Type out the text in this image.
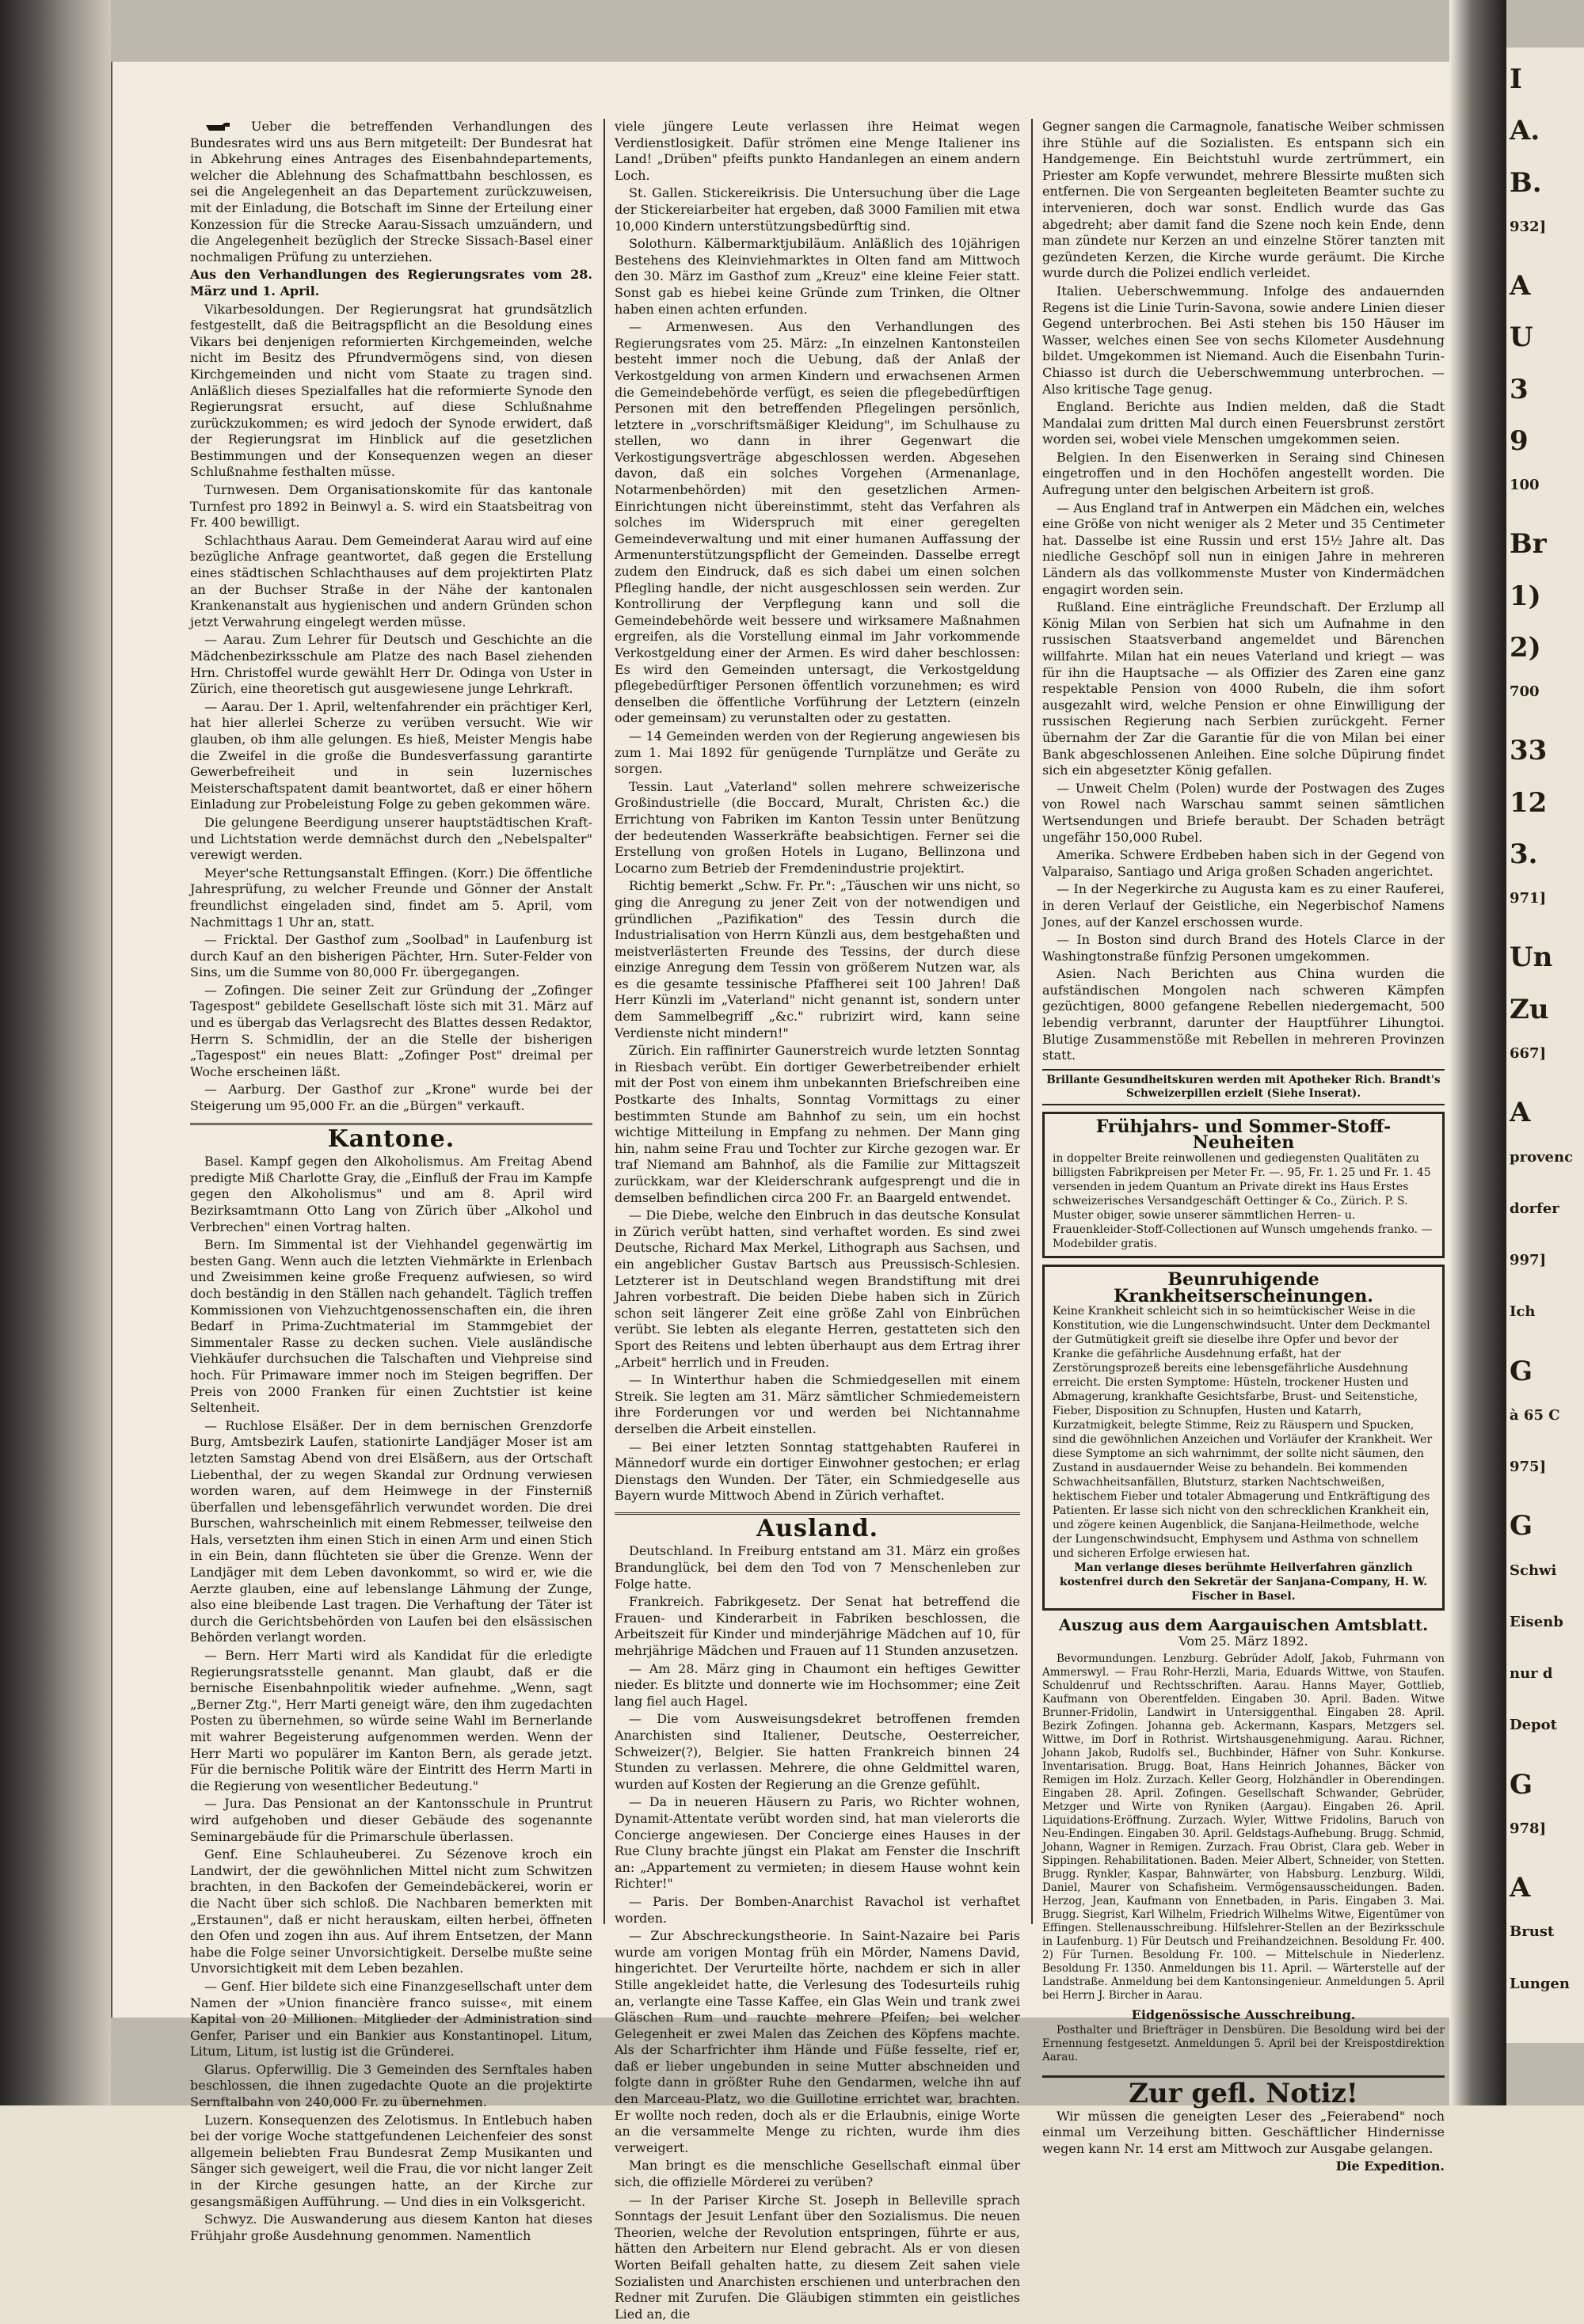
Ueber die betreffenden Verhandlungen des Bundesrates wird uns aus Bern mitgeteilt: Der Bundesrat hat in Abkehrung eines Antrages des Eisenbahndepartements, welcher die Ablehnung des Schafmattbahn beschlossen, es sei die Angelegenheit an das Departement zurückzuweisen, mit der Einladung, die Botschaft im Sinne der Erteilung einer Konzession für die Strecke Aarau-Sissach umzuändern, und die Angelegenheit bezüglich der Strecke Sissach-Basel einer nochmaligen Prüfung zu unterziehen.

Aus den Verhandlungen des Regierungsrates vom 28. März und 1. April.

Vikarbesoldungen. Der Regierungsrat hat grundsätzlich festgestellt, daß die Beitragspflicht an die Besoldung eines Vikars bei denjenigen reformierten Kirchgemeinden, welche nicht im Besitz des Pfrundvermögens sind, von diesen Kirchgemeinden und nicht vom Staate zu tragen sind. Anläßlich dieses Spezialfalles hat die reformierte Synode den Regierungsrat ersucht, auf diese Schlußnahme zurückzukommen; es wird jedoch der Synode erwidert, daß der Regierungsrat im Hinblick auf die gesetzlichen Bestimmungen und der Konsequenzen wegen an dieser Schlußnahme festhalten müsse.

Turnwesen. Dem Organisationskomite für das kantonale Turnfest pro 1892 in Beinwyl a. S. wird ein Staatsbeitrag von Fr. 400 bewilligt.

Schlachthaus Aarau. Dem Gemeinderat Aarau wird auf eine bezügliche Anfrage geantwortet, daß gegen die Erstellung eines städtischen Schlachthauses auf dem projektirten Platz an der Buchser Straße in der Nähe der kantonalen Krankenanstalt aus hygienischen und andern Gründen schon jetzt Verwahrung eingelegt werden müsse.

— Aarau. Zum Lehrer für Deutsch und Geschichte an die Mädchenbezirksschule am Platze des nach Basel ziehenden Hrn. Christoffel wurde gewählt Herr Dr. Odinga von Uster in Zürich, eine theoretisch gut ausgewiesene junge Lehrkraft.

— Aarau. Der 1. April, weltenfahrender ein prächtiger Kerl, hat hier allerlei Scherze zu verüben versucht. Wie wir glauben, ob ihm alle gelungen. Es hieß, Meister Mengis habe die Zweifel in die große die Bundesverfassung garantirte Gewerbefreiheit und in sein luzernisches Meisterschaftspatent damit beantwortet, daß er einer höhern Einladung zur Probeleistung Folge zu geben gekommen wäre.

Die gelungene Beerdigung unserer hauptstädtischen Kraft- und Lichtstation werde demnächst durch den „Nebelspalter" verewigt werden.

Meyer'sche Rettungsanstalt Effingen. (Korr.) Die öffentliche Jahresprüfung, zu welcher Freunde und Gönner der Anstalt freundlichst eingeladen sind, findet am 5. April, vom Nachmittags 1 Uhr an, statt.

— Fricktal. Der Gasthof zum „Soolbad" in Laufenburg ist durch Kauf an den bisherigen Pächter, Hrn. Suter-Felder von Sins, um die Summe von 80,000 Fr. übergegangen.

— Zofingen. Die seiner Zeit zur Gründung der „Zofinger Tagespost" gebildete Gesellschaft löste sich mit 31. März auf und es übergab das Verlagsrecht des Blattes dessen Redaktor, Herrn S. Schmidlin, der an die Stelle der bisherigen „Tagespost" ein neues Blatt: „Zofinger Post" dreimal per Woche erscheinen läßt.

— Aarburg. Der Gasthof zur „Krone" wurde bei der Steigerung um 95,000 Fr. an die „Bürgen" verkauft.

Kantone.

Basel. Kampf gegen den Alkoholismus. Am Freitag Abend predigte Miß Charlotte Gray, die „Einfluß der Frau im Kampfe gegen den Alkoholismus" und am 8. April wird Bezirksamtmann Otto Lang von Zürich über „Alkohol und Verbrechen" einen Vortrag halten.

Bern. Im Simmental ist der Viehhandel gegenwärtig im besten Gang. Wenn auch die letzten Viehmärkte in Erlenbach und Zweisimmen keine große Frequenz aufwiesen, so wird doch beständig in den Ställen nach gehandelt. Täglich treffen Kommissionen von Viehzuchtgenossenschaften ein, die ihren Bedarf in Prima-Zuchtmaterial im Stammgebiet der Simmentaler Rasse zu decken suchen. Viele ausländische Viehkäufer durchsuchen die Talschaften und Viehpreise sind hoch. Für Primaware immer noch im Steigen begriffen. Der Preis von 2000 Franken für einen Zuchtstier ist keine Seltenheit.

— Ruchlose Elsäßer. Der in dem bernischen Grenzdorfe Burg, Amtsbezirk Laufen, stationirte Landjäger Moser ist am letzten Samstag Abend von drei Elsäßern, aus der Ortschaft Liebenthal, der zu wegen Skandal zur Ordnung verwiesen worden waren, auf dem Heimwege in der Finsterniß überfallen und lebensgefährlich verwundet worden. Die drei Burschen, wahrscheinlich mit einem Rebmesser, teilweise den Hals, versetzten ihm einen Stich in einen Arm und einen Stich in ein Bein, dann flüchteten sie über die Grenze. Wenn der Landjäger mit dem Leben davonkommt, so wird er, wie die Aerzte glauben, eine auf lebenslange Lähmung der Zunge, also eine bleibende Last tragen. Die Verhaftung der Täter ist durch die Gerichtsbehörden von Laufen bei den elsässischen Behörden verlangt worden.

— Bern. Herr Marti wird als Kandidat für die erledigte Regierungsratsstelle genannt. Man glaubt, daß er die bernische Eisenbahnpolitik wieder aufnehme. „Wenn, sagt „Berner Ztg.", Herr Marti geneigt wäre, den ihm zugedachten Posten zu übernehmen, so würde seine Wahl im Bernerlande mit wahrer Begeisterung aufgenommen werden. Wenn der Herr Marti wo populärer im Kanton Bern, als gerade jetzt. Für die bernische Politik wäre der Eintritt des Herrn Marti in die Regierung von wesentlicher Bedeutung."

— Jura. Das Pensionat an der Kantonsschule in Pruntrut wird aufgehoben und dieser Gebäude des sogenannte Seminargebäude für die Primarschule überlassen.

Genf. Eine Schlauheuberei. Zu Sézenove kroch ein Landwirt, der die gewöhnlichen Mittel nicht zum Schwitzen brachten, in den Backofen der Gemeindebäckerei, worin er die Nacht über sich schloß. Die Nachbaren bemerkten mit „Erstaunen", daß er nicht herauskam, eilten herbei, öffneten den Ofen und zogen ihn aus. Auf ihrem Entsetzen, der Mann habe die Folge seiner Unvorsichtigkeit. Derselbe mußte seine Unvorsichtigkeit mit dem Leben bezahlen.

— Genf. Hier bildete sich eine Finanzgesellschaft unter dem Namen der »Union financière franco suisse«, mit einem Kapital von 20 Millionen. Mitglieder der Administration sind Genfer, Pariser und ein Bankier aus Konstantinopel. Litum, Litum, Litum, ist lustig ist die Gründerei.

Glarus. Opferwillig. Die 3 Gemeinden des Sernftales haben beschlossen, die ihnen zugedachte Quote an die projektirte Sernftalbahn von 240,000 Fr. zu übernehmen.

Luzern. Konsequenzen des Zelotismus. In Entlebuch haben bei der vorige Woche stattgefundenen Leichenfeier des sonst allgemein beliebten Frau Bundesrat Zemp Musikanten und Sänger sich geweigert, weil die Frau, die vor nicht langer Zeit in der Kirche gesungen hatte, an der Kirche zur gesangsmäßigen Aufführung. — Und dies in ein Volksgericht.

Schwyz. Die Auswanderung aus diesem Kanton hat dieses Frühjahr große Ausdehnung genommen. Namentlich

viele jüngere Leute verlassen ihre Heimat wegen Verdienstlosigkeit. Dafür strömen eine Menge Italiener ins Land! „Drüben" pfeifts punkto Handanlegen an einem andern Loch.

St. Gallen. Stickereikrisis. Die Untersuchung über die Lage der Stickereiarbeiter hat ergeben, daß 3000 Familien mit etwa 10,000 Kindern unterstützungsbedürftig sind.

Solothurn. Kälbermarktjubiläum. Anläßlich des 10jährigen Bestehens des Kleinviehmarktes in Olten fand am Mittwoch den 30. März im Gasthof zum „Kreuz" eine kleine Feier statt. Sonst gab es hiebei keine Gründe zum Trinken, die Oltner haben einen achten erfunden.

— Armenwesen. Aus den Verhandlungen des Regierungsrates vom 25. März: „In einzelnen Kantonsteilen besteht immer noch die Uebung, daß der Anlaß der Verkostgeldung von armen Kindern und erwachsenen Armen die Gemeindebehörde verfügt, es seien die pflegebedürftigen Personen mit den betreffenden Pflegelingen persönlich, letztere in „vorschriftsmäßiger Kleidung", im Schulhause zu stellen, wo dann in ihrer Gegenwart die Verkostigungsverträge abgeschlossen werden. Abgesehen davon, daß ein solches Vorgehen (Armenanlage, Notarmenbehörden) mit den gesetzlichen Armen-Einrichtungen nicht übereinstimmt, steht das Verfahren als solches im Widerspruch mit einer geregelten Gemeindeverwaltung und mit einer humanen Auffassung der Armenunterstützungspflicht der Gemeinden. Dasselbe erregt zudem den Eindruck, daß es sich dabei um einen solchen Pflegling handle, der nicht ausgeschlossen sein werden. Zur Kontrollirung der Verpflegung kann und soll die Gemeindebehörde weit bessere und wirksamere Maßnahmen ergreifen, als die Vorstellung einmal im Jahr vorkommende Verkostgeldung einer der Armen. Es wird daher beschlossen: Es wird den Gemeinden untersagt, die Verkostgeldung pflegebedürftiger Personen öffentlich vorzunehmen; es wird denselben die öffentliche Vorführung der Letztern (einzeln oder gemeinsam) zu verunstalten oder zu gestatten.

— 14 Gemeinden werden von der Regierung angewiesen bis zum 1. Mai 1892 für genügende Turnplätze und Geräte zu sorgen.

Tessin. Laut „Vaterland" sollen mehrere schweizerische Großindustrielle (die Boccard, Muralt, Christen &c.) die Errichtung von Fabriken im Kanton Tessin unter Benützung der bedeutenden Wasserkräfte beabsichtigen. Ferner sei die Erstellung von großen Hotels in Lugano, Bellinzona und Locarno zum Betrieb der Fremdenindustrie projektirt.

Richtig bemerkt „Schw. Fr. Pr.": „Täuschen wir uns nicht, so ging die Anregung zu jener Zeit von der notwendigen und gründlichen „Pazifikation" des Tessin durch die Industrialisation von Herrn Künzli aus, dem bestgehaßten und meistverlästerten Freunde des Tessins, der durch diese einzige Anregung dem Tessin von größerem Nutzen war, als es die gesamte tessinische Pfaffherei seit 100 Jahren! Daß Herr Künzli im „Vaterland" nicht genannt ist, sondern unter dem Sammelbegriff „&c." rubrizirt wird, kann seine Verdienste nicht mindern!"

Zürich. Ein raffinirter Gaunerstreich wurde letzten Sonntag in Riesbach verübt. Ein dortiger Gewerbetreibender erhielt mit der Post von einem ihm unbekannten Briefschreiben eine Postkarte des Inhalts, Sonntag Vormittags zu einer bestimmten Stunde am Bahnhof zu sein, um ein hochst wichtige Mitteilung in Empfang zu nehmen. Der Mann ging hin, nahm seine Frau und Tochter zur Kirche gezogen war. Er traf Niemand am Bahnhof, als die Familie zur Mittagszeit zurückkam, war der Kleiderschrank aufgesprengt und die in demselben befindlichen circa 200 Fr. an Baargeld entwendet.

— Die Diebe, welche den Einbruch in das deutsche Konsulat in Zürich verübt hatten, sind verhaftet worden. Es sind zwei Deutsche, Richard Max Merkel, Lithograph aus Sachsen, und ein angeblicher Gustav Bartsch aus Preussisch-Schlesien. Letzterer ist in Deutschland wegen Brandstiftung mit drei Jahren vorbestraft. Die beiden Diebe haben sich in Zürich schon seit längerer Zeit eine größe Zahl von Einbrüchen verübt. Sie lebten als elegante Herren, gestatteten sich den Sport des Reitens und lebten überhaupt aus dem Ertrag ihrer „Arbeit" herrlich und in Freuden.

— In Winterthur haben die Schmiedgesellen mit einem Streik. Sie legten am 31. März sämtlicher Schmiedemeistern ihre Forderungen vor und werden bei Nichtannahme derselben die Arbeit einstellen.

— Bei einer letzten Sonntag stattgehabten Rauferei in Männedorf wurde ein dortiger Einwohner gestochen; er erlag Dienstags den Wunden. Der Täter, ein Schmiedgeselle aus Bayern wurde Mittwoch Abend in Zürich verhaftet.

Ausland.

Deutschland. In Freiburg entstand am 31. März ein großes Brandunglück, bei dem den Tod von 7 Menschenleben zur Folge hatte.

Frankreich. Fabrikgesetz. Der Senat hat betreffend die Frauen- und Kinderarbeit in Fabriken beschlossen, die Arbeitszeit für Kinder und minderjährige Mädchen auf 10, für mehrjährige Mädchen und Frauen auf 11 Stunden anzusetzen.

— Am 28. März ging in Chaumont ein heftiges Gewitter nieder. Es blitzte und donnerte wie im Hochsommer; eine Zeit lang fiel auch Hagel.

— Die vom Ausweisungsdekret betroffenen fremden Anarchisten sind Italiener, Deutsche, Oesterreicher, Schweizer(?), Belgier. Sie hatten Frankreich binnen 24 Stunden zu verlassen. Mehrere, die ohne Geldmittel waren, wurden auf Kosten der Regierung an die Grenze gefühlt.

— Da in neueren Häusern zu Paris, wo Richter wohnen, Dynamit-Attentate verübt worden sind, hat man vielerorts die Concierge angewiesen. Der Concierge eines Hauses in der Rue Cluny brachte jüngst ein Plakat am Fenster die Inschrift an: „Appartement zu vermieten; in diesem Hause wohnt kein Richter!"

— Paris. Der Bomben-Anarchist Ravachol ist verhaftet worden.

— Zur Abschreckungstheorie. In Saint-Nazaire bei Paris wurde am vorigen Montag früh ein Mörder, Namens David, hingerichtet. Der Verurteilte hörte, nachdem er sich in aller Stille angekleidet hatte, die Verlesung des Todesurteils ruhig an, verlangte eine Tasse Kaffee, ein Glas Wein und trank zwei Gläschen Rum und rauchte mehrere Pfeifen; bei welcher Gelegenheit er zwei Malen das Zeichen des Köpfens machte. Als der Scharfrichter ihm Hände und Füße fesselte, rief er, daß er lieber ungebunden in seine Mutter abschneiden und folgte dann in größter Ruhe den Gendarmen, welche ihn auf den Marceau-Platz, wo die Guillotine errichtet war, brachten. Er wollte noch reden, doch als er die Erlaubnis, einige Worte an die versammelte Menge zu richten, wurde ihm dies verweigert.

Man bringt es die menschliche Gesellschaft einmal über sich, die offizielle Mörderei zu verüben?

— In der Pariser Kirche St. Joseph in Belleville sprach Sonntags der Jesuit Lenfant über den Sozialismus. Die neuen Theorien, welche der Revolution entspringen, führte er aus, hätten den Arbeitern nur Elend gebracht. Als er von diesen Worten Beifall gehalten hatte, zu diesem Zeit sahen viele Sozialisten und Anarchisten erschienen und unterbrachen den Redner mit Zurufen. Die Gläubigen stimmten ein geistliches Lied an, die

Gegner sangen die Carmagnole, fanatische Weiber schmissen ihre Stühle auf die Sozialisten. Es entspann sich ein Handgemenge. Ein Beichtstuhl wurde zertrümmert, ein Priester am Kopfe verwundet, mehrere Blessirte mußten sich entfernen. Die von Sergeanten begleiteten Beamter suchte zu intervenieren, doch war sonst. Endlich wurde das Gas abgedreht; aber damit fand die Szene noch kein Ende, denn man zündete nur Kerzen an und einzelne Störer tanzten mit gezündeten Kerzen, die Kirche wurde geräumt. Die Kirche wurde durch die Polizei endlich verleidet.

Italien. Ueberschwemmung. Infolge des andauernden Regens ist die Linie Turin-Savona, sowie andere Linien dieser Gegend unterbrochen. Bei Asti stehen bis 150 Häuser im Wasser, welches einen See von sechs Kilometer Ausdehnung bildet. Umgekommen ist Niemand. Auch die Eisenbahn Turin-Chiasso ist durch die Ueberschwemmung unterbrochen. — Also kritische Tage genug.

England. Berichte aus Indien melden, daß die Stadt Mandalai zum dritten Mal durch einen Feuersbrunst zerstört worden sei, wobei viele Menschen umgekommen seien.

Belgien. In den Eisenwerken in Seraing sind Chinesen eingetroffen und in den Hochöfen angestellt worden. Die Aufregung unter den belgischen Arbeitern ist groß.

— Aus England traf in Antwerpen ein Mädchen ein, welches eine Größe von nicht weniger als 2 Meter und 35 Centimeter hat. Dasselbe ist eine Russin und erst 15½ Jahre alt. Das niedliche Geschöpf soll nun in einigen Jahre in mehreren Ländern als das vollkommenste Muster von Kindermädchen engagirt worden sein.

Rußland. Eine einträgliche Freundschaft. Der Erzlump all König Milan von Serbien hat sich um Aufnahme in den russischen Staatsverband angemeldet und Bärenchen willfahrte. Milan hat ein neues Vaterland und kriegt — was für ihn die Hauptsache — als Offizier des Zaren eine ganz respektable Pension von 4000 Rubeln, die ihm sofort ausgezahlt wird, welche Pension er ohne Einwilligung der russischen Regierung nach Serbien zurückgeht. Ferner übernahm der Zar die Garantie für die von Milan bei einer Bank abgeschlossenen Anleihen. Eine solche Düpirung findet sich ein abgesetzter König gefallen.

— Unweit Chelm (Polen) wurde der Postwagen des Zuges von Rowel nach Warschau sammt seinen sämtlichen Wertsendungen und Briefe beraubt. Der Schaden beträgt ungefähr 150,000 Rubel.

Amerika. Schwere Erdbeben haben sich in der Gegend von Valparaiso, Santiago und Ariga großen Schaden angerichtet.

— In der Negerkirche zu Augusta kam es zu einer Rauferei, in deren Verlauf der Geistliche, ein Negerbischof Namens Jones, auf der Kanzel erschossen wurde.

— In Boston sind durch Brand des Hotels Clarce in der Washingtonstraße fünfzig Personen umgekommen.

Asien. Nach Berichten aus China wurden die aufständischen Mongolen nach schweren Kämpfen gezüchtigen, 8000 gefangene Rebellen niedergemacht, 500 lebendig verbrannt, darunter der Hauptführer Lihungtoi. Blutige Zusammenstöße mit Rebellen in mehreren Provinzen statt.

Brillante Gesundheitskuren werden mit Apotheker Rich. Brandt's Schweizerpillen erzielt (Siehe Inserat).
Frühjahrs- und Sommer-Stoff-Neuheiten
in doppelter Breite reinwollenen und gediegensten Qualitäten zu billigsten Fabrikpreisen per Meter Fr. —. 95, Fr. 1. 25 und Fr. 1. 45 versenden in jedem Quantum an Private direkt ins Haus Erstes schweizerisches Versandgeschäft Oettinger & Co., Zürich. P. S. Muster obiger, sowie unserer sämmtlichen Herren- u. Frauenkleider-Stoff-Collectionen auf Wunsch umgehends franko. — Modebilder gratis.
Beunruhigende Krankheitserscheinungen.
Keine Krankheit schleicht sich in so heimtückischer Weise in die Konstitution, wie die Lungenschwindsucht. Unter dem Deckmantel der Gutmütigkeit greift sie dieselbe ihre Opfer und bevor der Kranke die gefährliche Ausdehnung erfaßt, hat der Zerstörungsprozeß bereits eine lebensgefährliche Ausdehnung erreicht. Die ersten Symptome: Hüsteln, trockener Husten und Abmagerung, krankhafte Gesichtsfarbe, Brust- und Seitenstiche, Fieber, Disposition zu Schnupfen, Husten und Katarrh, Kurzatmigkeit, belegte Stimme, Reiz zu Räuspern und Spucken, sind die gewöhnlichen Anzeichen und Vorläufer der Krankheit. Wer diese Symptome an sich wahrnimmt, der sollte nicht säumen, den Zustand in ausdauernder Weise zu behandeln. Bei kommenden Schwachheitsanfällen, Blutsturz, starken Nachtschweißen, hektischem Fieber und totaler Abmagerung und Entkräftigung des Patienten. Er lasse sich nicht von den schrecklichen Krankheit ein, und zögere keinen Augenblick, die Sanjana-Heilmethode, welche der Lungenschwindsucht, Emphysem und Asthma von schnellem und sicheren Erfolge erwiesen hat.
Man verlange dieses berühmte Heilverfahren gänzlich kostenfrei durch den Sekretär der Sanjana-Company, H. W. Fischer in Basel.
Auszug aus dem Aargauischen Amtsblatt.
Vom 25. März 1892.

Bevormundungen. Lenzburg. Gebrüder Adolf, Jakob, Fuhrmann von Ammerswyl. — Frau Rohr-Herzli, Maria, Eduards Wittwe, von Staufen. Schuldenruf und Rechtsschriften. Aarau. Hanns Mayer, Gottlieb, Kaufmann von Oberentfelden. Eingaben 30. April. Baden. Witwe Brunner-Fridolin, Landwirt in Untersiggenthal. Eingaben 28. April. Bezirk Zofingen. Johanna geb. Ackermann, Kaspars, Metzgers sel. Wittwe, im Dorf in Rothrist. Wirtshausgenehmigung. Aarau. Richner, Johann Jakob, Rudolfs sel., Buchbinder, Häfner von Suhr. Konkurse. Inventarisation. Brugg. Boat, Hans Heinrich Johannes, Bäcker von Remigen im Holz. Zurzach. Keller Georg, Holzhändler in Oberendingen. Eingaben 28. April. Zofingen. Gesellschaft Schwander, Gebrüder, Metzger und Wirte von Ryniken (Aargau). Eingaben 26. April. Liquidations-Eröffnung. Zurzach. Wyler, Wittwe Fridolins, Baruch von Neu-Endingen. Eingaben 30. April. Geldstags-Aufhebung. Brugg. Schmid, Johann, Wagner in Remigen. Zurzach. Frau Obrist, Clara geb. Weber in Sippingen. Rehabilitationen. Baden. Meier Albert, Schneider, von Stetten. Brugg. Rynkler, Kaspar, Bahnwärter, von Habsburg. Lenzburg. Wildi, Daniel, Maurer von Schafisheim. Vermögensausscheidungen. Baden. Herzog, Jean, Kaufmann von Ennetbaden, in Paris. Eingaben 3. Mai. Brugg. Siegrist, Karl Wilhelm, Friedrich Wilhelms Witwe, Eigentümer von Effingen. Stellenausschreibung. Hilfslehrer-Stellen an der Bezirksschule in Laufenburg. 1) Für Deutsch und Freihandzeichnen. Besoldung Fr. 400. 2) Für Turnen. Besoldung Fr. 100. — Mittelschule in Niederlenz. Besoldung Fr. 1350. Anmeldungen bis 11. April. — Wärterstelle auf der Landstraße. Anmeldung bei dem Kantonsingenieur. Anmeldungen 5. April bei Herrn J. Bircher in Aarau.

Eidgenössische Ausschreibung.

Posthalter und Briefträger in Densbüren. Die Besoldung wird bei der Ernennung festgesetzt. Anmeldungen 5. April bei der Kreispostdirektion Aarau.

Zur gefl. Notiz!

Wir müssen die geneigten Leser des „Feierabend" noch einmal um Verzeihung bitten. Geschäftlicher Hindernisse wegen kann Nr. 14 erst am Mittwoch zur Ausgabe gelangen.

Die Expedition.
I
A.
B.
932]
A
U
3
9
100
Br
1)
2)
700
33
12
3.
971]
Un
Zu
667]
A
provenc
dorfer
997]
Ich
G
à 65 C
975]
G
Schwi
Eisenb
nur d
Depot
G
978]
A
Brust
Lungen
